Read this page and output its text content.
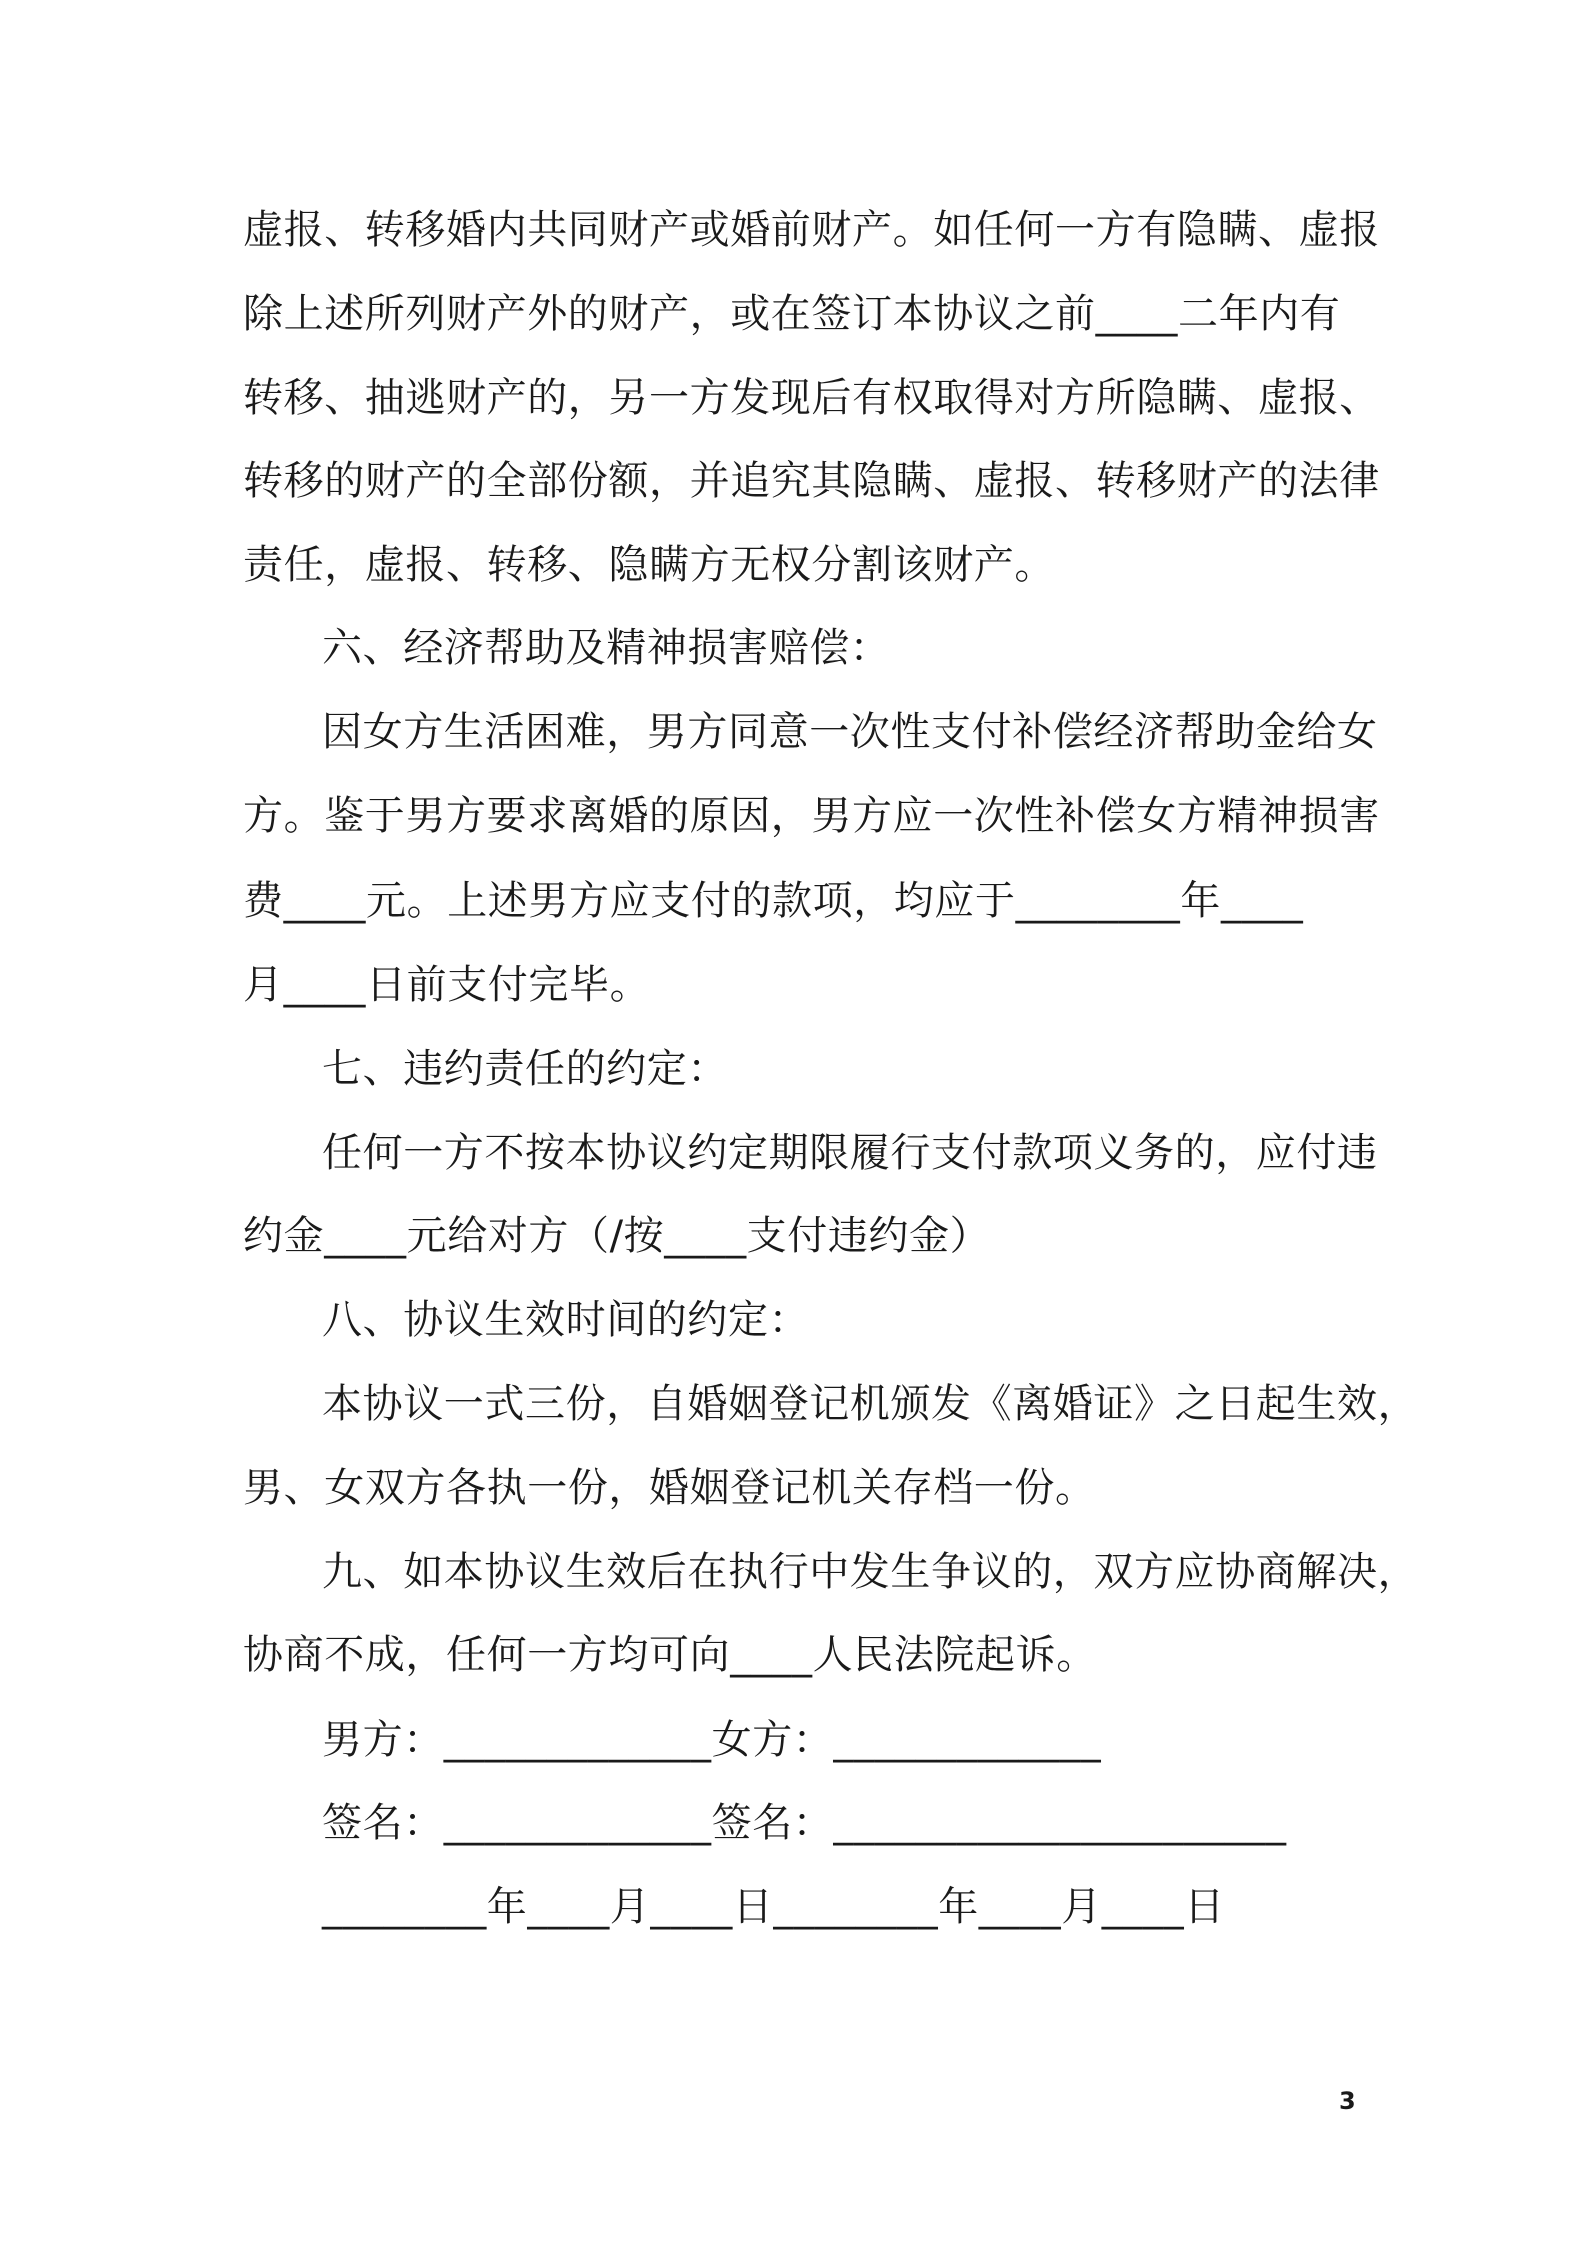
虚报、转移婚内共同财产或婚前财产。如任何一方有隐瞒、虚报

除上述所列财产外的财产，或在签订本协议之前____二年内有

转移、抽逃财产的，另一方发现后有权取得对方所隐瞒、虚报、

转移的财产的全部份额，并追究其隐瞒、虚报、转移财产的法律

责任，虚报、转移、隐瞒方无权分割该财产。

六、经济帮助及精神损害赔偿：

因女方生活困难，男方同意一次性支付补偿经济帮助金给女

方。鉴于男方要求离婚的原因，男方应一次性补偿女方精神损害

费____元。上述男方应支付的款项，均应于________年____

月____日前支付完毕。

七、违约责任的约定：

任何一方不按本协议约定期限履行支付款项义务的，应付违

约金____元给对方（/按____支付违约金）

八、协议生效时间的约定：

本协议一式三份，自婚姻登记机颁发《离婚证》之日起生效，

男、女双方各执一份，婚姻登记机关存档一份。

九、如本协议生效后在执行中发生争议的，双方应协商解决，

协商不成，任何一方均可向____人民法院起诉。

男方：_____________女方：_____________

签名：_____________签名：______________________

________年____月____日________年____月____日

3
